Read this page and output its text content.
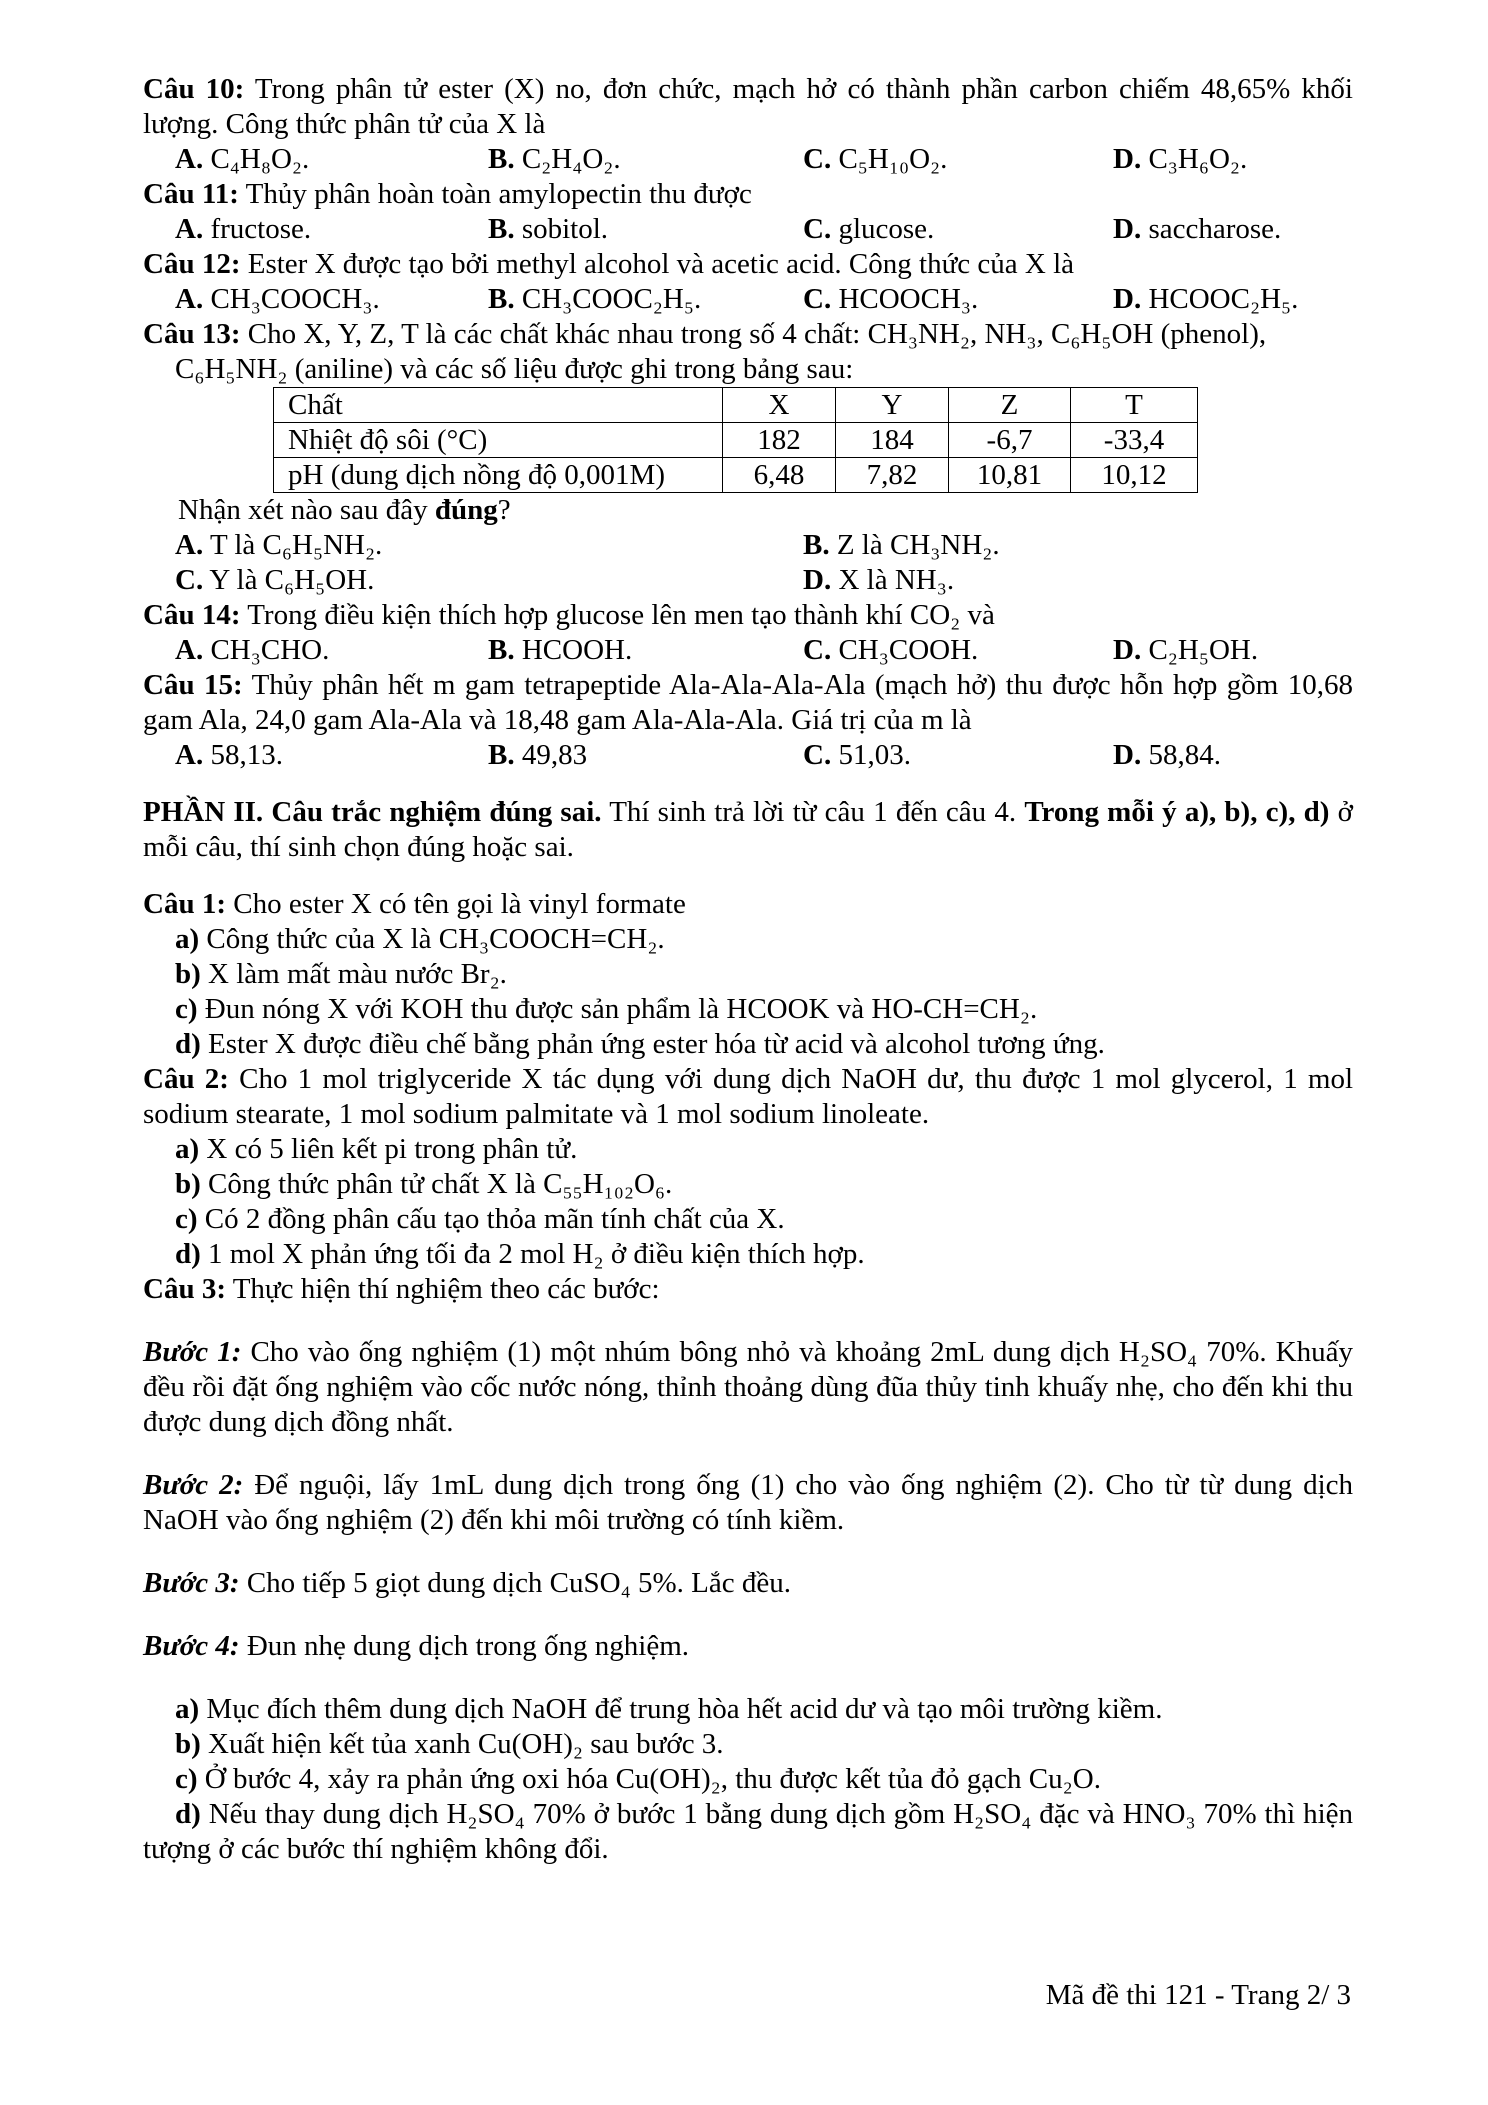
Câu 10: Trong phân tử ester (X) no, đơn chức, mạch hở có thành phần carbon chiếm 48,65% khối lượng. Công thức phân tử của X là

A. C₄H₈O₂.	B. C₂H₄O₂.	C. C₅H₁₀O₂.	D. C₃H₆O₂.

Câu 11: Thủy phân hoàn toàn amylopectin thu được

A. fructose.	B. sobitol.	C. glucose.	D. saccharose.

Câu 12: Ester X được tạo bởi methyl alcohol và acetic acid. Công thức của X là

A. CH₃COOCH₃.	B. CH₃COOC₂H₅.	C. HCOOCH₃.	D. HCOOC₂H₅.

Câu 13: Cho X, Y, Z, T là các chất khác nhau trong số 4 chất: CH₃NH₂, NH₃, C₆H₅OH (phenol),

C₆H₅NH₂ (aniline) và các số liệu được ghi trong bảng sau:

Chất	X	Y	Z	T
Nhiệt độ sôi (°C)	182	184	-6,7	-33,4
pH (dung dịch nồng độ 0,001M)	6,48	7,82	10,81	10,12

Nhận xét nào sau đây đúng?

A. T là C₆H₅NH₂.	B. Z là CH₃NH₂.
C. Y là C₆H₅OH.	D. X là NH₃.

Câu 14: Trong điều kiện thích hợp glucose lên men tạo thành khí CO₂ và

A. CH₃CHO.	B. HCOOH.	C. CH₃COOH.	D. C₂H₅OH.

Câu 15: Thủy phân hết m gam tetrapeptide Ala-Ala-Ala-Ala (mạch hở) thu được hỗn hợp gồm 10,68 gam Ala, 24,0 gam Ala-Ala và 18,48 gam Ala-Ala-Ala. Giá trị của m là

A. 58,13.	B. 49,83	C. 51,03.	D. 58,84.

PHẦN II. Câu trắc nghiệm đúng sai. Thí sinh trả lời từ câu 1 đến câu 4. Trong mỗi ý a), b), c), d) ở mỗi câu, thí sinh chọn đúng hoặc sai.

Câu 1: Cho ester X có tên gọi là vinyl formate

a) Công thức của X là CH₃COOCH=CH₂.

b) X làm mất màu nước Br₂.

c) Đun nóng X với KOH thu được sản phẩm là HCOOK và HO-CH=CH₂.

d) Ester X được điều chế bằng phản ứng ester hóa từ acid và alcohol tương ứng.

Câu 2: Cho 1 mol triglyceride X tác dụng với dung dịch NaOH dư, thu được 1 mol glycerol, 1 mol sodium stearate, 1 mol sodium palmitate và 1 mol sodium linoleate.

a) X có 5 liên kết pi trong phân tử.

b) Công thức phân tử chất X là C₅₅H₁₀₂O₆.

c) Có 2 đồng phân cấu tạo thỏa mãn tính chất của X.

d) 1 mol X phản ứng tối đa 2 mol H₂ ở điều kiện thích hợp.

Câu 3: Thực hiện thí nghiệm theo các bước:

Bước 1: Cho vào ống nghiệm (1) một nhúm bông nhỏ và khoảng 2mL dung dịch H₂SO₄ 70%. Khuấy đều rồi đặt ống nghiệm vào cốc nước nóng, thỉnh thoảng dùng đũa thủy tinh khuấy nhẹ, cho đến khi thu được dung dịch đồng nhất.

Bước 2: Để nguội, lấy 1mL dung dịch trong ống (1) cho vào ống nghiệm (2). Cho từ từ dung dịch NaOH vào ống nghiệm (2) đến khi môi trường có tính kiềm.

Bước 3: Cho tiếp 5 giọt dung dịch CuSO₄ 5%. Lắc đều.

Bước 4: Đun nhẹ dung dịch trong ống nghiệm.

a) Mục đích thêm dung dịch NaOH để trung hòa hết acid dư và tạo môi trường kiềm.

b) Xuất hiện kết tủa xanh Cu(OH)₂ sau bước 3.

c) Ở bước 4, xảy ra phản ứng oxi hóa Cu(OH)₂, thu được kết tủa đỏ gạch Cu₂O.

d) Nếu thay dung dịch H₂SO₄ 70% ở bước 1 bằng dung dịch gồm H₂SO₄ đặc và HNO₃ 70% thì hiện tượng ở các bước thí nghiệm không đổi.

Mã đề thi 121 - Trang 2/ 3
